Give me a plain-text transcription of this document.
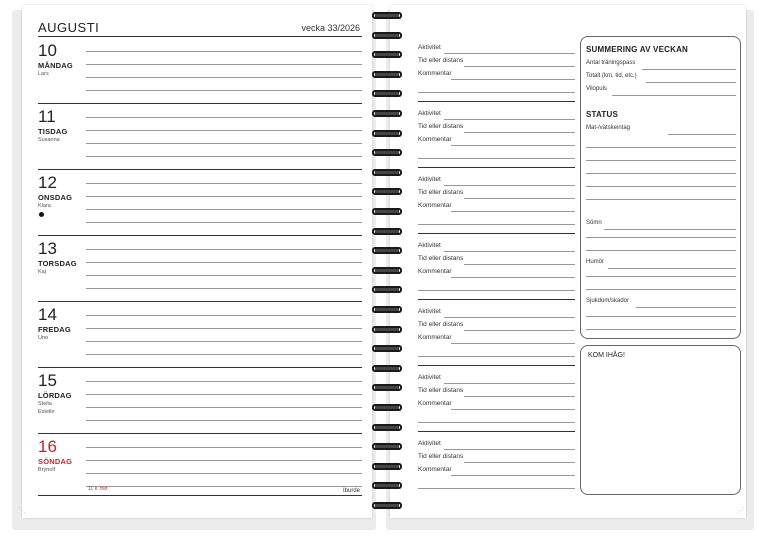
AUGUSTI	vecka 33/2026
10
MÅNDAG
Lars
11
TISDAG
Susanna
12
ONSDAG
Klara
13
TORSDAG
Kaj
14
FREDAG
Uno
15
LÖRDAG
Stella
Estelle
16
SÖNDAG
Brynolf
11 e. tref.	Iburde
Aktivitet
Tid eller distans
Kommentar
Aktivitet
Tid eller distans
Kommentar
Aktivitet
Tid eller distans
Kommentar
Aktivitet
Tid eller distans
Kommentar
Aktivitet
Tid eller distans
Kommentar
Aktivitet
Tid eller distans
Kommentar
Aktivitet
Tid eller distans
Kommentar
SUMMERING AV VECKAN
Antal träningspass
Totalt (km, tid, etc.)
Vilopuls
STATUS
Mat-/vätskeintag
Sömn
Humör
Sjukdom/skador
KOM IHÅG!
⋱	⋰
